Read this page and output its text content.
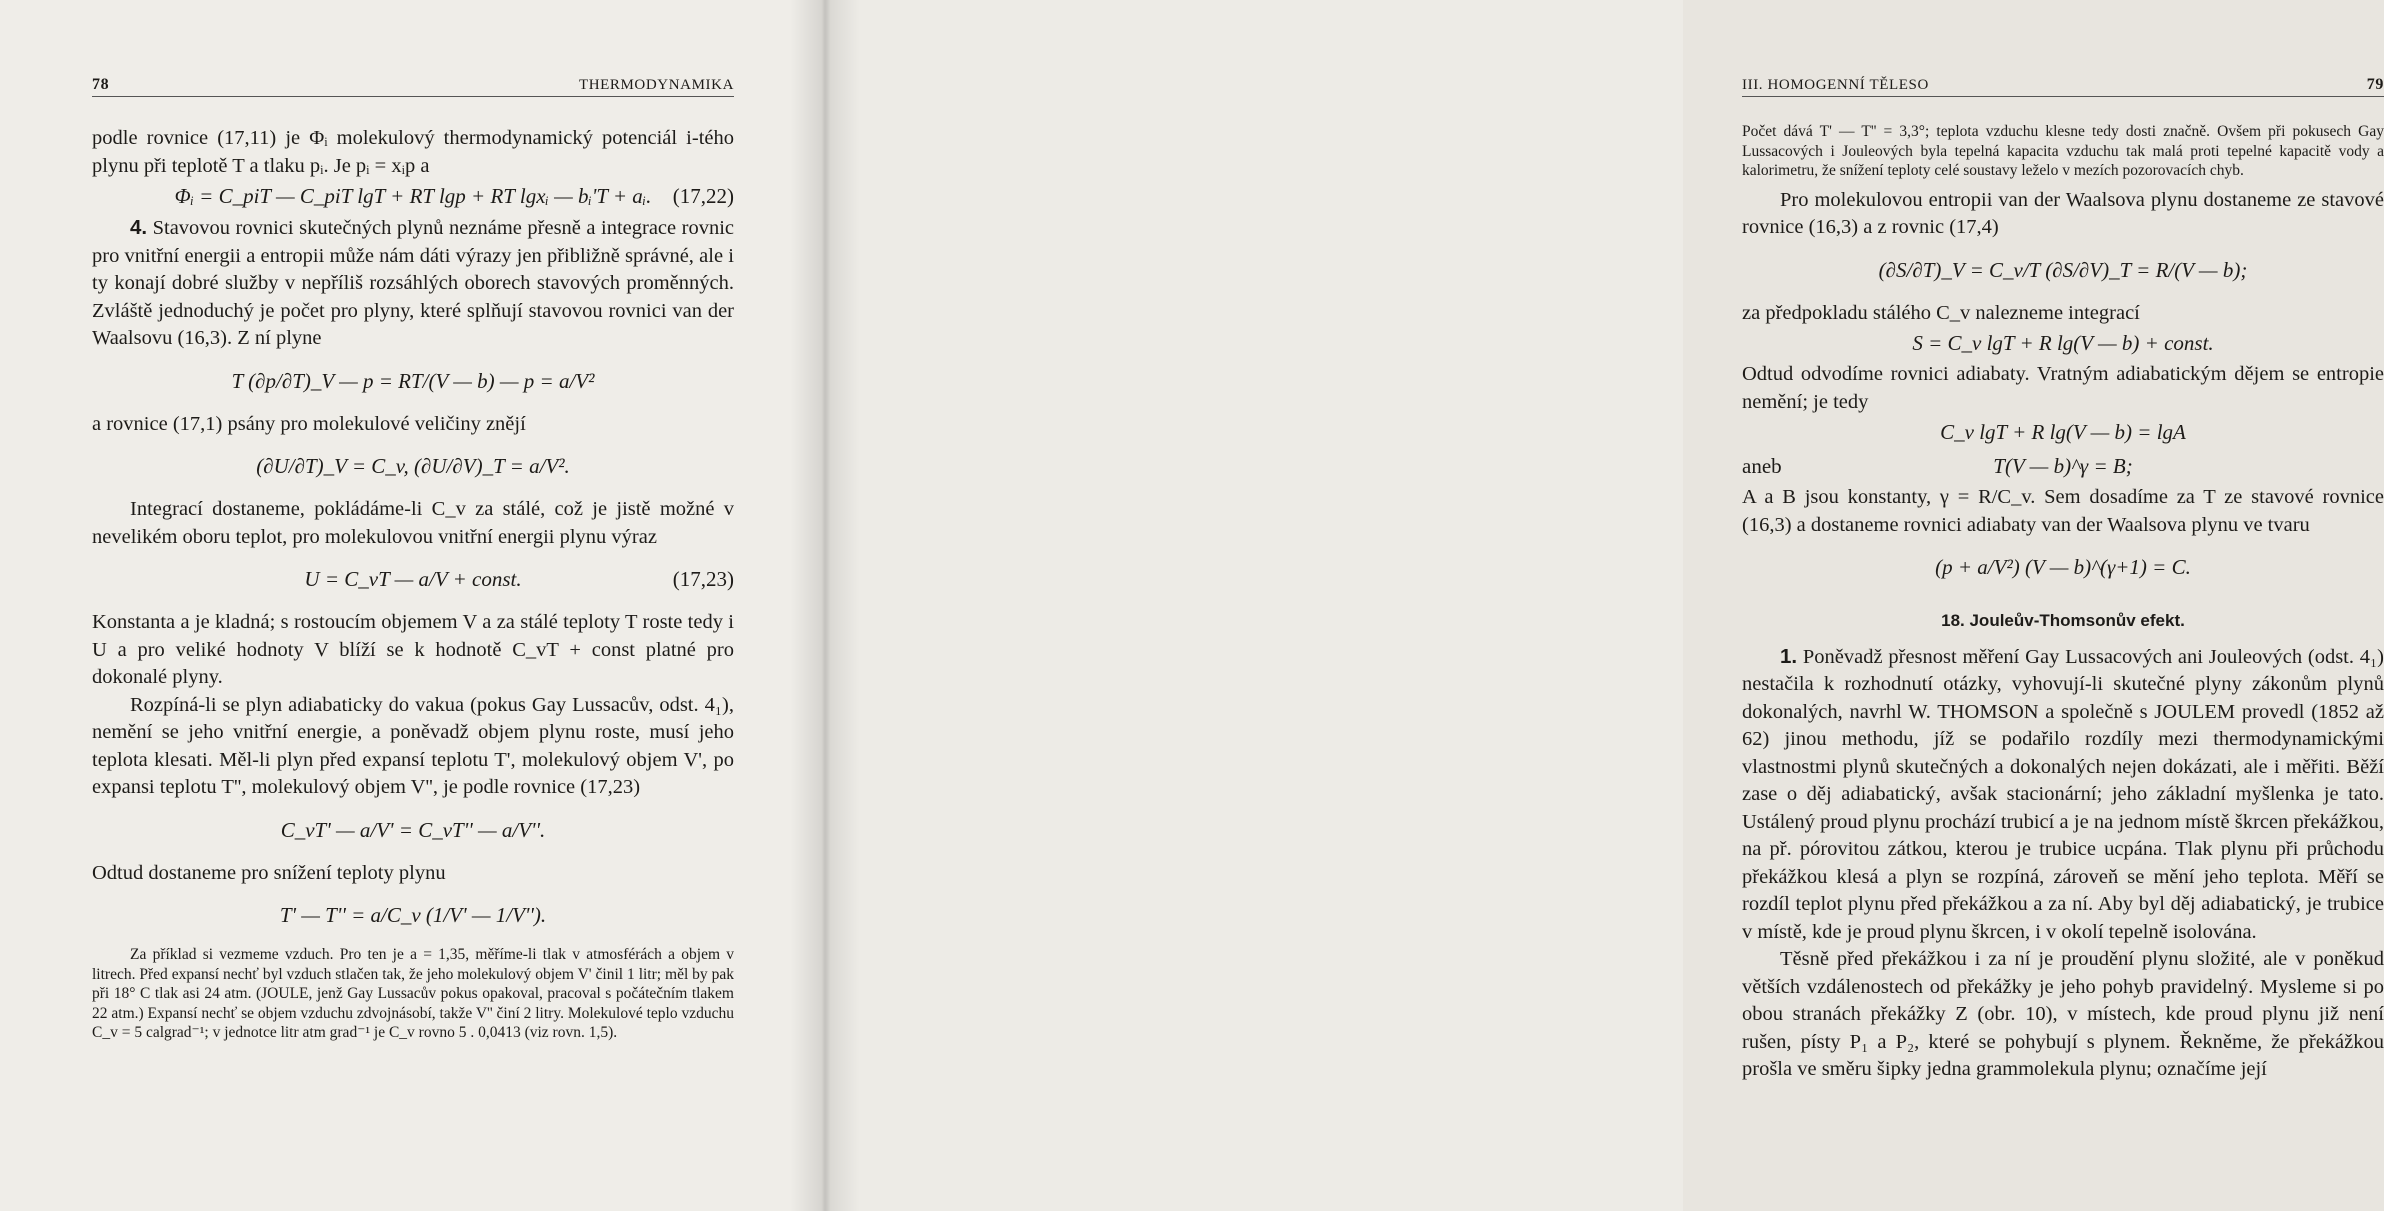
78	THERMODYNAMIKA

podle rovnice (17,11) je Φᵢ molekulový thermodynamický potenciál i-tého plynu při teplotě T a tlaku pᵢ. Je pᵢ = xᵢp a

Φᵢ = C_piT — C_piT lgT + RT lgp + RT lgxᵢ — bᵢ'T + aᵢ. (17,22)

4. Stavovou rovnici skutečných plynů neznáme přesně a integrace rovnic pro vnitřní energii a entropii může nám dáti výrazy jen přibližně správné, ale i ty konají dobré služby v nepříliš rozsáhlých oborech stavových proměnných. Zvláště jednoduchý je počet pro plyny, které splňují stavovou rovnici van der Waalsovu (16,3). Z ní plyne

T (∂p/∂T)_V — p = RT/(V — b) — p = a/V²

a rovnice (17,1) psány pro molekulové veličiny znějí

(∂U/∂T)_V = C_v, (∂U/∂V)_T = a/V².

Integrací dostaneme, pokládáme-li C_v za stálé, což je jistě možné v nevelikém oboru teplot, pro molekulovou vnitřní energii plynu výraz

U = C_vT — a/V + const.	(17,23)

Konstanta a je kladná; s rostoucím objemem V a za stálé teploty T roste tedy i U a pro veliké hodnoty V blíží se k hodnotě C_vT + const platné pro dokonalé plyny.

Rozpíná-li se plyn adiabaticky do vakua (pokus Gay Lussacův, odst. 4₁), nemění se jeho vnitřní energie, a poněvadž objem plynu roste, musí jeho teplota klesati. Měl-li plyn před expansí teplotu T', molekulový objem V', po expansi teplotu T'', molekulový objem V'', je podle rovnice (17,23)

C_vT' — a/V' = C_vT'' — a/V''.

Odtud dostaneme pro snížení teploty plynu

T' — T'' = a/C_v (1/V' — 1/V'').

Za příklad si vezmeme vzduch. Pro ten je a = 1,35, měříme-li tlak v atmosférách a objem v litrech. Před expansí nechť byl vzduch stlačen tak, že jeho molekulový objem V' činil 1 litr; měl by pak při 18° C tlak asi 24 atm. (JOULE, jenž Gay Lussacův pokus opakoval, pracoval s počátečním tlakem 22 atm.) Expansí nechť se objem vzduchu zdvojnásobí, takže V'' činí 2 litry. Molekulové teplo vzduchu C_v = 5 calgrad⁻¹; v jednotce litr atm grad⁻¹ je C_v rovno 5 . 0,0413 (viz rovn. 1,5).

III. HOMOGENNÍ TĚLESO	79

Počet dává T' — T'' = 3,3°; teplota vzduchu klesne tedy dosti značně. Ovšem při pokusech Gay Lussacových i Jouleových byla tepelná kapacita vzduchu tak malá proti tepelné kapacitě vody a kalorimetru, že snížení teploty celé soustavy leželo v mezích pozorovacích chyb.

Pro molekulovou entropii van der Waalsova plynu dostaneme ze stavové rovnice (16,3) a z rovnic (17,4)

(∂S/∂T)_V = C_v/T (∂S/∂V)_T = R/(V — b);

za předpokladu stálého C_v nalezneme integrací

S = C_v lgT + R lg(V — b) + const.

Odtud odvodíme rovnici adiabaty. Vratným adiabatickým dějem se entropie nemění; je tedy

C_v lgT + R lg(V — b) = lgA
aneb	T(V — b)^γ = B;

A a B jsou konstanty, γ = R/C_v. Sem dosadíme za T ze stavové rovnice (16,3) a dostaneme rovnici adiabaty van der Waalsova plynu ve tvaru

(p + a/V²) (V — b)^(γ+1) = C.
18. Jouleův-Thomsonův efekt.

1. Poněvadž přesnost měření Gay Lussacových ani Jouleových (odst. 4₁) nestačila k rozhodnutí otázky, vyhovují-li skutečné plyny zákonům plynů dokonalých, navrhl W. THOMSON a společně s JOULEM provedl (1852 až 62) jinou methodu, jíž se podařilo rozdíly mezi thermodynamickými vlastnostmi plynů skutečných a dokonalých nejen dokázati, ale i měřiti. Běží zase o děj adiabatický, avšak stacionární; jeho základní myšlenka je tato. Ustálený proud plynu prochází trubicí a je na jednom místě škrcen překážkou, na př. pórovitou zátkou, kterou je trubice ucpána. Tlak plynu při průchodu překážkou klesá a plyn se rozpíná, zároveň se mění jeho teplota. Měří se rozdíl teplot plynu před překážkou a za ní. Aby byl děj adiabatický, je trubice v místě, kde je proud plynu škrcen, i v okolí tepelně isolována.

Těsně před překážkou i za ní je proudění plynu složité, ale v poněkud větších vzdálenostech od překážky je jeho pohyb pravidelný. Mysleme si po obou stranách překážky Z (obr. 10), v místech, kde proud plynu již není rušen, písty P₁ a P₂, které se pohybují s plynem. Řekněme, že překážkou prošla ve směru šipky jedna grammolekula plynu; označíme její
